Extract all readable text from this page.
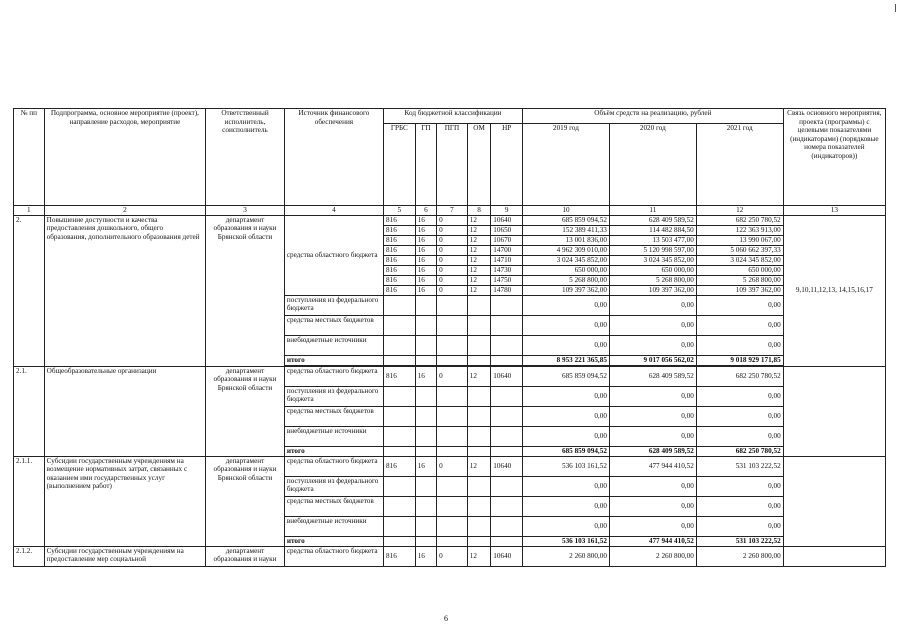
№ пп	Подпрограмма, основное мероприятие (проект), направление расходов, мероприятие	Ответственный исполнитель, соисполнитель	Источник финансового обеспечения	Код бюджетной классификации					Объём средств на реализацию, рублей			Связь основного мероприятия, проекта (программы) с целевыми показателями (индикаторами) (порядковые номера показателей (индикаторов))
				ГРБС	ГП	ПГП	ОМ	НР	2019 год	2020 год	2021 год	
1	2	3	4	5	6	7	8	9	10	11	12	13
2.	Повышение доступности и качества предоставления дошкольного, общего образования, дополнительного образования детей	департамент образования и науки Брянской области	средства областного бюджета	816	16	0	12	10640	685 859 094,52	628 409 589,52	682 250 780,52	9,10,11,12,13, 14,15,16,17
				816	16	0	12	10650	152 389 411,33	114 482 884,50	122 363 913,00	
				816	16	0	12	10670	13 001 836,00	13 503 477,00	13 990 067,00	
				816	16	0	12	14700	4 962 309 010,00	5 120 998 597,00	5 060 662 397,33	
				816	16	0	12	14710	3 024 345 852,00	3 024 345 852,00	3 024 345 852,00	
				816	16	0	12	14730	650 000,00	650 000,00	650 000,00	
				816	16	0	12	14750	5 268 800,00	5 268 800,00	5 268 800,00	
				816	16	0	12	14780	109 397 362,00	109 397 362,00	109 397 362,00	
			поступления из федерального бюджета						0,00	0,00	0,00	
			средства местных бюджетов						0,00	0,00	0,00	
			внебюджетные источники						0,00	0,00	0,00	
			итого						8 953 221 365,85	9 017 056 562,02	9 018 929 171,85	

2.1.	Общеобразовательные организации	департамент образования и науки Брянской области	средства областного бюджета	816	16	0	12	10640	685 859 094,52	628 409 589,52	682 250 780,52	
			поступления из федерального бюджета						0,00	0,00	0,00	
			средства местных бюджетов						0,00	0,00	0,00	
			внебюджетные источники						0,00	0,00	0,00	
			итого						685 859 094,52	628 409 589,52	682 250 780,52	
2.1.1.	Субсидии государственным учреждениям на возмещение нормативных затрат, связанных с оказанием ими государственных услуг (выполнением работ)	департамент образования и науки Брянской области	средства областного бюджета	816	16	0	12	10640	536 103 161,52	477 944 410,52	531 103 222,52	
			поступления из федерального бюджета						0,00	0,00	0,00	
			средства местных бюджетов						0,00	0,00	0,00	
			внебюджетные источники						0,00	0,00	0,00	
			итого						536 103 161,52	477 944 410,52	531 103 222,52	
2.1.2.	Субсидии государственным учреждениям на предоставление мер социальной	департамент образования и науки	средства областного бюджета	816	16	0	12	10640	2 260 800,00	2 260 800,00	2 260 800,00	
6
